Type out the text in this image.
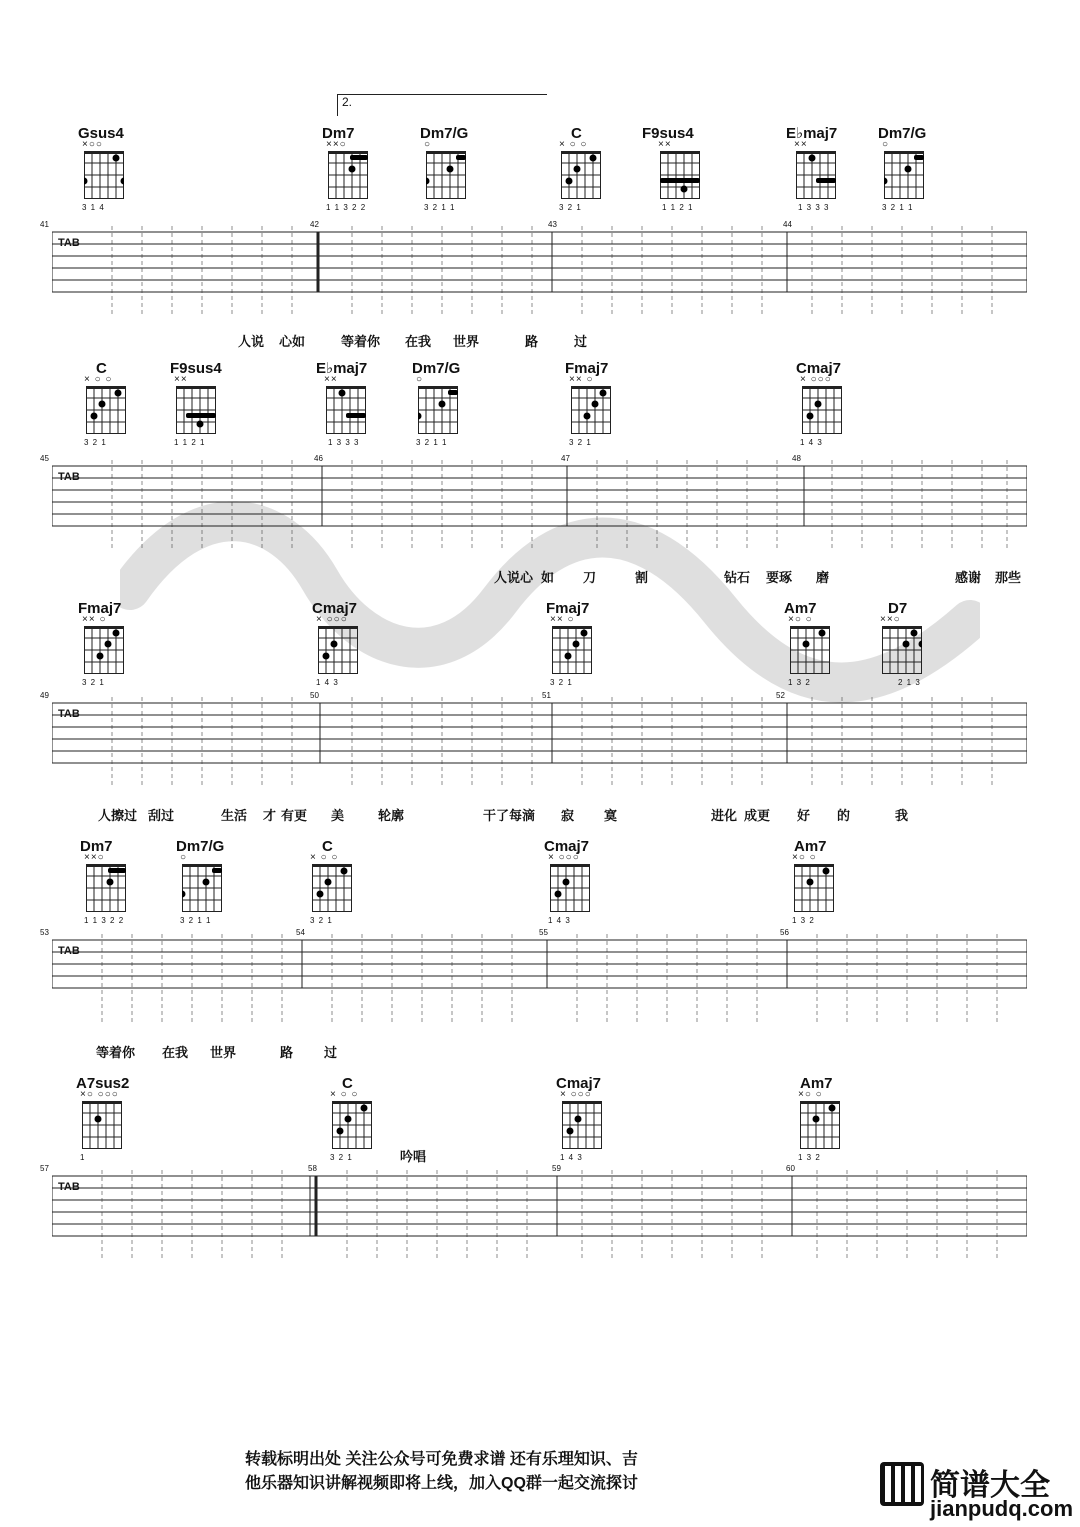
2.
Gsus4
×○○
3 1 4
Dm7
××○
1 1 3 2 2
Dm7/G
○
3 2 1 1
C
× ○ ○
3 2 1
F9sus4
××
1 1 2 1
E♭maj7
××
1 3 3 3
Dm7/G
○
3 2 1 1
TAB
41	42	43	44
人说 心如	等着你 在我 世界	路	过
C
× ○ ○
3 2 1
F9sus4
××
1 1 2 1
E♭maj7
××
1 3 3 3
Dm7/G
○
3 2 1 1
Fmaj7
×× ○
3 2 1
Cmaj7
× ○○○
1 4 3
TAB
45	46	47	48
人说心 如 刀	割	钻石 要琢 磨	感谢 那些
Fmaj7
×× ○
3 2 1
Cmaj7
× ○○○
1 4 3
Fmaj7
×× ○
3 2 1
Am7
×○ ○
1 3 2
D7
××○
2 1 3
TAB
49	50	51	52
人擦过 刮过	生活 才 有更 美	轮廓	干了每滴 寂 寞	进化 成更 好 的	我
Dm7
××○
1 1 3 2 2
Dm7/G
○
3 2 1 1
C
× ○ ○
3 2 1
Cmaj7
× ○○○
1 4 3
Am7
×○ ○
1 3 2
TAB
53	54	55	56
等着你 在我 世界	路 过
A7sus2
×○ ○○○
1
C
× ○ ○
3 2 1
Cmaj7
× ○○○
1 4 3
Am7
×○ ○
1 3 2
吟唱
TAB
57	58	59	60
转载标明出处 关注公众号可免费求谱 还有乐理知识、吉
他乐器知识讲解视频即将上线，加入QQ群一起交流探讨	简谱大全
jianpudq.com
